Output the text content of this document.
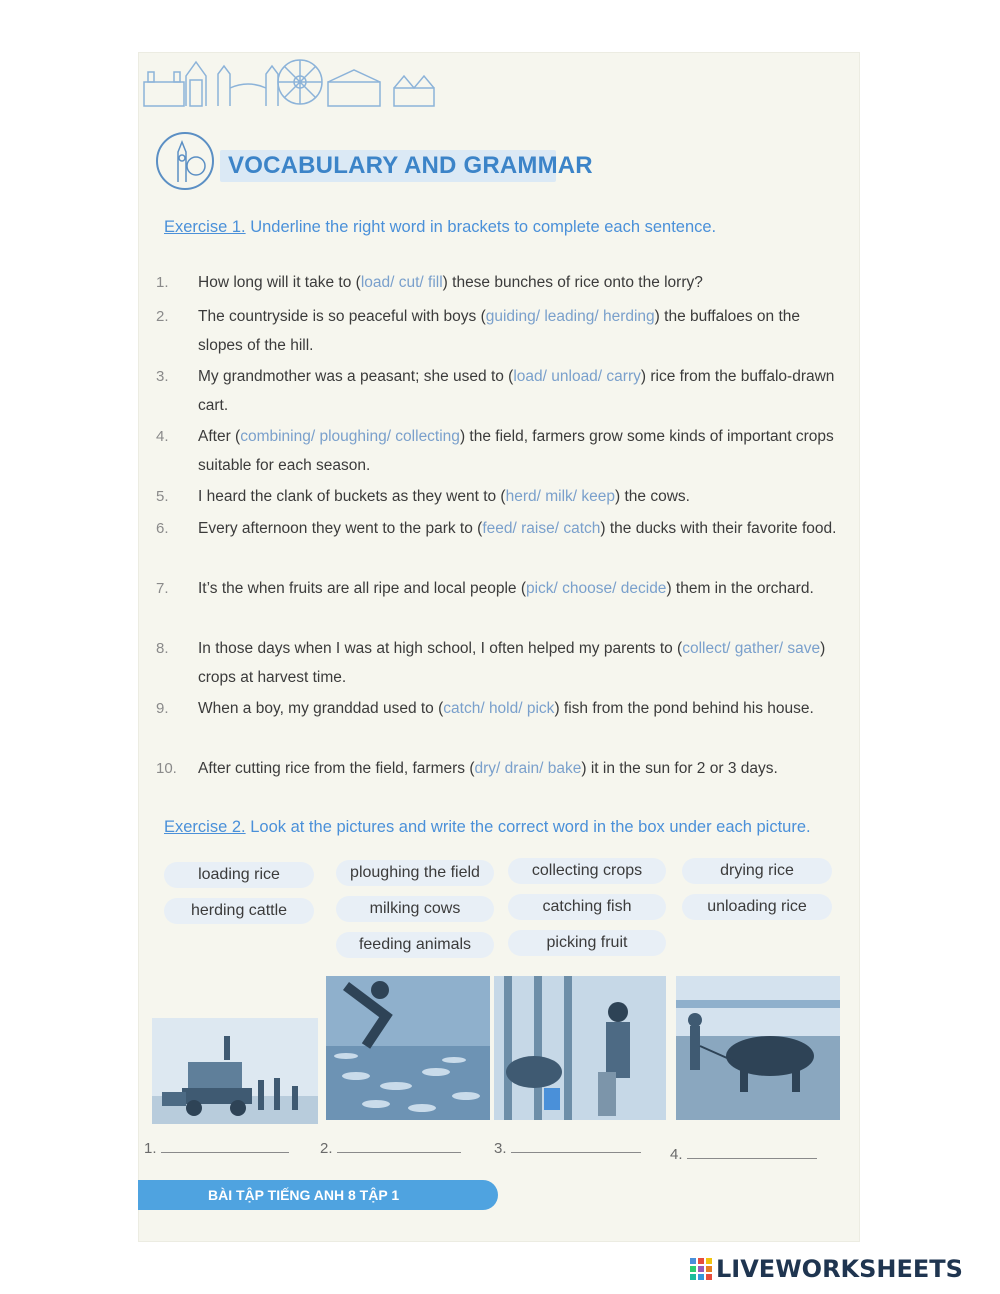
VOCABULARY AND GRAMMAR
Exercise 1. Underline the right word in brackets to complete each sentence.
1.	How long will it take to (load/ cut/ fill) these bunches of rice onto the lorry?
2.	The countryside is so peaceful with boys (guiding/ leading/ herding) the buffaloes on the slopes of the hill.
3.	My grandmother was a peasant; she used to (load/ unload/ carry) rice from the buffalo-drawn cart.
4.	After (combining/ ploughing/ collecting) the field, farmers grow some kinds of important crops suitable for each season.
5.	I heard the clank of buckets as they went to (herd/ milk/ keep) the cows.
6.	Every afternoon they went to the park to (feed/ raise/ catch) the ducks with their favorite food.
7.	It’s the when fruits are all ripe and local people (pick/ choose/ decide) them in the orchard.
8.	In those days when I was at high school, I often helped my parents to (collect/ gather/ save) crops at harvest time.
9.	When a boy, my granddad used to (catch/ hold/ pick) fish from the pond behind his house.
10.	After cutting rice from the field, farmers (dry/ drain/ bake) it in the sun for 2 or 3 days.
Exercise 2. Look at the pictures and write the correct word in the box under each picture.
loading rice	ploughing the field	collecting crops	drying rice
herding cattle	milking cows	catching fish	unloading rice
feeding animals	picking fruit
1.	2.	3.	4.
BÀI TẬP TIẾNG ANH 8 TẬP 1
LIVEWORKSHEETS
